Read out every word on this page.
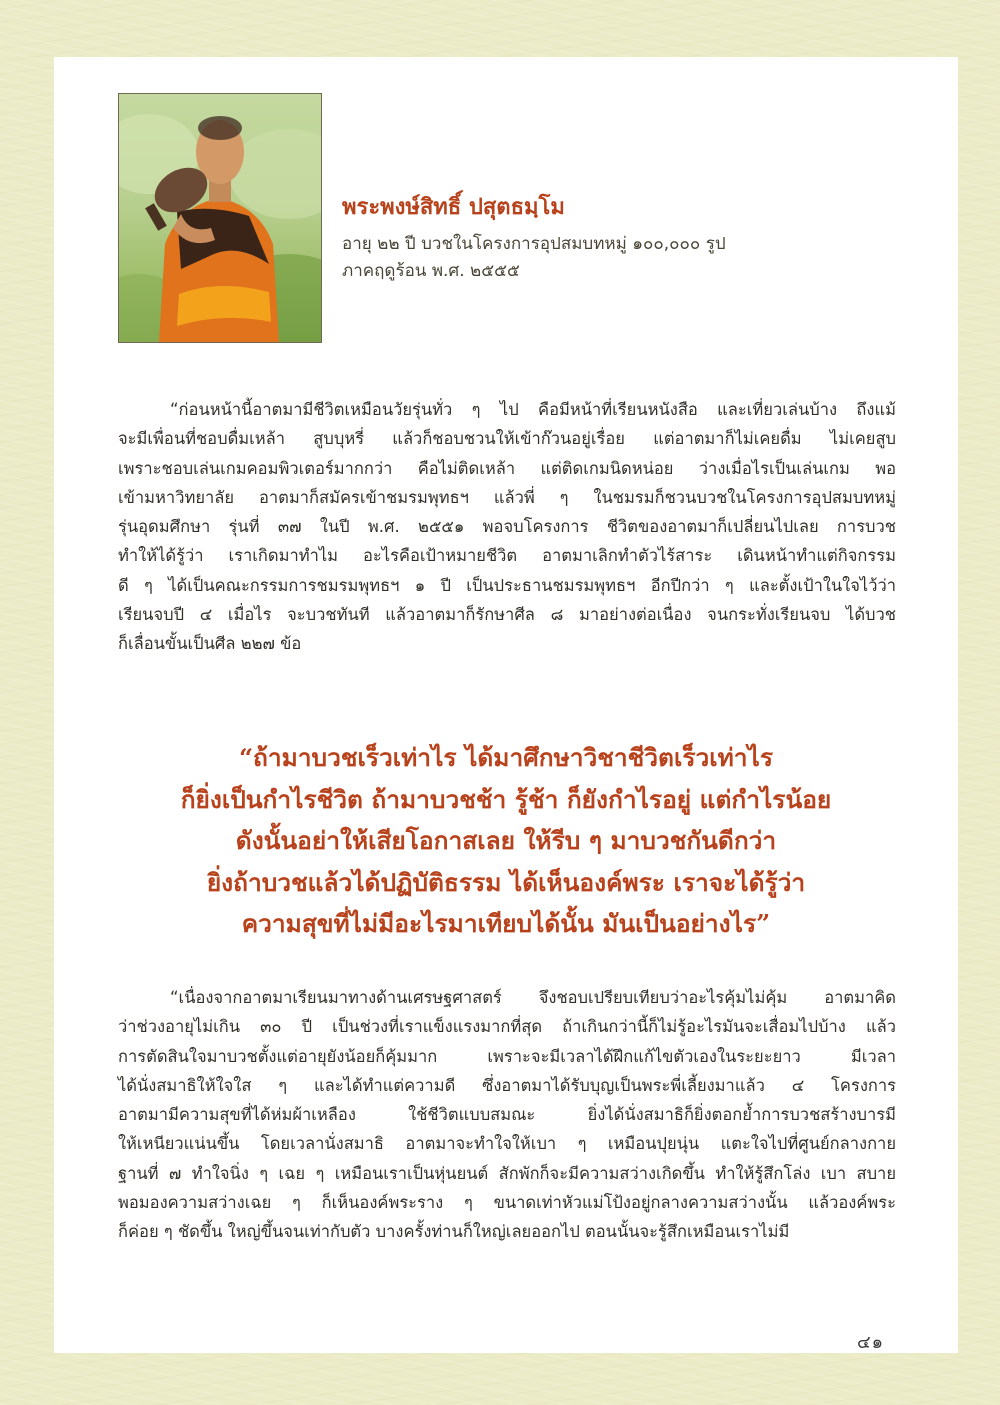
พระพงษ์สิทธิ์ ปสุตธมฺโม
อายุ ๒๒ ปี บวชในโครงการอุปสมบทหมู่ ๑๐๐,๐๐๐ รูป
ภาคฤดูร้อน พ.ศ. ๒๕๕๕
“ก่อนหน้านี้อาตมามีชีวิตเหมือนวัยรุ่นทั่ว ๆ ไป คือมีหน้าที่เรียนหนังสือ และเที่ยวเล่นบ้าง ถึงแม้
จะมีเพื่อนที่ชอบดื่มเหล้า สูบบุหรี่ แล้วก็ชอบชวนให้เข้าก๊วนอยู่เรื่อย แต่อาตมาก็ไม่เคยดื่ม ไม่เคยสูบ
เพราะชอบเล่นเกมคอมพิวเตอร์มากกว่า คือไม่ติดเหล้า แต่ติดเกมนิดหน่อย ว่างเมื่อไรเป็นเล่นเกม พอ
เข้ามหาวิทยาลัย อาตมาก็สมัครเข้าชมรมพุทธฯ แล้วพี่ ๆ ในชมรมก็ชวนบวชในโครงการอุปสมบทหมู่
รุ่นอุดมศึกษา รุ่นที่ ๓๗ ในปี พ.ศ. ๒๕๕๑ พอจบโครงการ ชีวิตของอาตมาก็เปลี่ยนไปเลย การบวช
ทำให้ได้รู้ว่า เราเกิดมาทำไม อะไรคือเป้าหมายชีวิต อาตมาเลิกทำตัวไร้สาระ เดินหน้าทำแต่กิจกรรม
ดี ๆ ได้เป็นคณะกรรมการชมรมพุทธฯ ๑ ปี เป็นประธานชมรมพุทธฯ อีกปีกว่า ๆ และตั้งเป้าในใจไว้ว่า
เรียนจบปี ๔ เมื่อไร จะบวชทันที แล้วอาตมาก็รักษาศีล ๘ มาอย่างต่อเนื่อง จนกระทั่งเรียนจบ ได้บวช
ก็เลื่อนขั้นเป็นศีล ๒๒๗ ข้อ
“ถ้ามาบวชเร็วเท่าไร ได้มาศึกษาวิชาชีวิตเร็วเท่าไร
ก็ยิ่งเป็นกำไรชีวิต ถ้ามาบวชช้า รู้ช้า ก็ยังกำไรอยู่ แต่กำไรน้อย
ดังนั้นอย่าให้เสียโอกาสเลย ให้รีบ ๆ มาบวชกันดีกว่า
ยิ่งถ้าบวชแล้วได้ปฏิบัติธรรม ได้เห็นองค์พระ เราจะได้รู้ว่า
ความสุขที่ไม่มีอะไรมาเทียบได้นั้น มันเป็นอย่างไร”
“เนื่องจากอาตมาเรียนมาทางด้านเศรษฐศาสตร์ จึงชอบเปรียบเทียบว่าอะไรคุ้มไม่คุ้ม อาตมาคิด
ว่าช่วงอายุไม่เกิน ๓๐ ปี เป็นช่วงที่เราแข็งแรงมากที่สุด ถ้าเกินกว่านี้ก็ไม่รู้อะไรมันจะเสื่อมไปบ้าง แล้ว
การตัดสินใจมาบวชตั้งแต่อายุยังน้อยก็คุ้มมาก เพราะจะมีเวลาได้ฝึกแก้ไขตัวเองในระยะยาว มีเวลา
ได้นั่งสมาธิให้ใจใส ๆ และได้ทำแต่ความดี ซึ่งอาตมาได้รับบุญเป็นพระพี่เลี้ยงมาแล้ว ๔ โครงการ
อาตมามีความสุขที่ได้ห่มผ้าเหลือง ใช้ชีวิตแบบสมณะ ยิ่งได้นั่งสมาธิก็ยิ่งตอกย้ำการบวชสร้างบารมี
ให้เหนียวแน่นขึ้น โดยเวลานั่งสมาธิ อาตมาจะทำใจให้เบา ๆ เหมือนปุยนุ่น แตะใจไปที่ศูนย์กลางกาย
ฐานที่ ๗ ทำใจนิ่ง ๆ เฉย ๆ เหมือนเราเป็นหุ่นยนต์ สักพักก็จะมีความสว่างเกิดขึ้น ทำให้รู้สึกโล่ง เบา สบาย
พอมองความสว่างเฉย ๆ ก็เห็นองค์พระราง ๆ ขนาดเท่าหัวแม่โป้งอยู่กลางความสว่างนั้น แล้วองค์พระ
ก็ค่อย ๆ ชัดขึ้น ใหญ่ขึ้นจนเท่ากับตัว บางครั้งท่านก็ใหญ่เลยออกไป ตอนนั้นจะรู้สึกเหมือนเราไม่มี
๔๑
